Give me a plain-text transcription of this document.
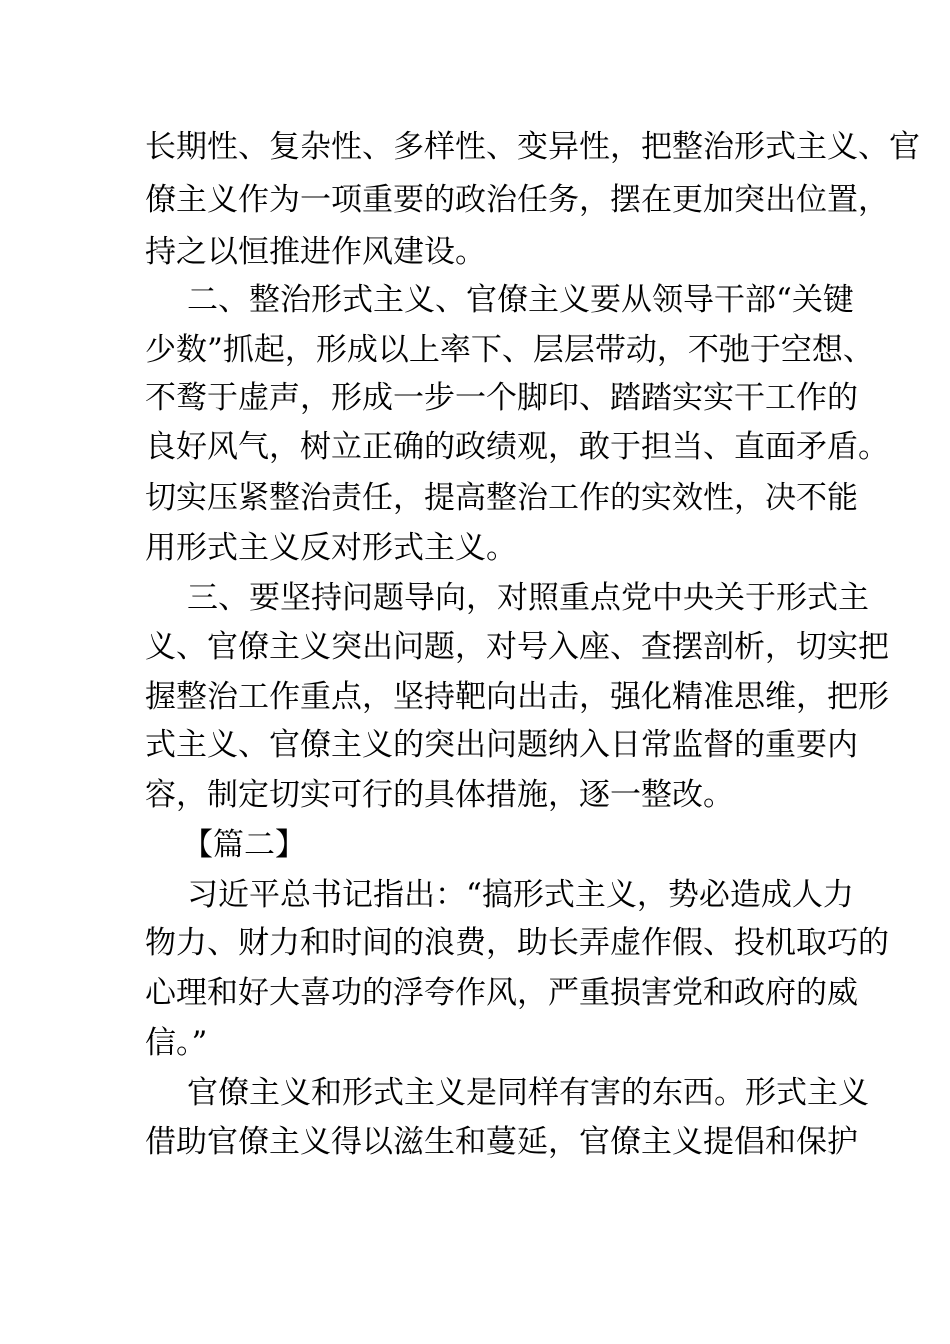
长期性、复杂性、多样性、变异性，把整治形式主义、官
僚主义作为一项重要的政治任务，摆在更加突出位置，
持之以恒推进作风建设。
二、整治形式主义、官僚主义要从领导干部“关键
少数”抓起，形成以上率下、层层带动，不弛于空想、
不鹜于虚声，形成一步一个脚印、踏踏实实干工作的
良好风气，树立正确的政绩观，敢于担当、直面矛盾。
切实压紧整治责任，提高整治工作的实效性，决不能
用形式主义反对形式主义。
三、要坚持问题导向，对照重点党中央关于形式主
义、官僚主义突出问题，对号入座、查摆剖析，切实把
握整治工作重点，坚持靶向出击，强化精准思维，把形
式主义、官僚主义的突出问题纳入日常监督的重要内
容，制定切实可行的具体措施，逐一整改。
【篇二】
习近平总书记指出：“搞形式主义，势必造成人力
物力、财力和时间的浪费，助长弄虚作假、投机取巧的
心理和好大喜功的浮夸作风，严重损害党和政府的威
信。”
官僚主义和形式主义是同样有害的东西。形式主义
借助官僚主义得以滋生和蔓延，官僚主义提倡和保护
